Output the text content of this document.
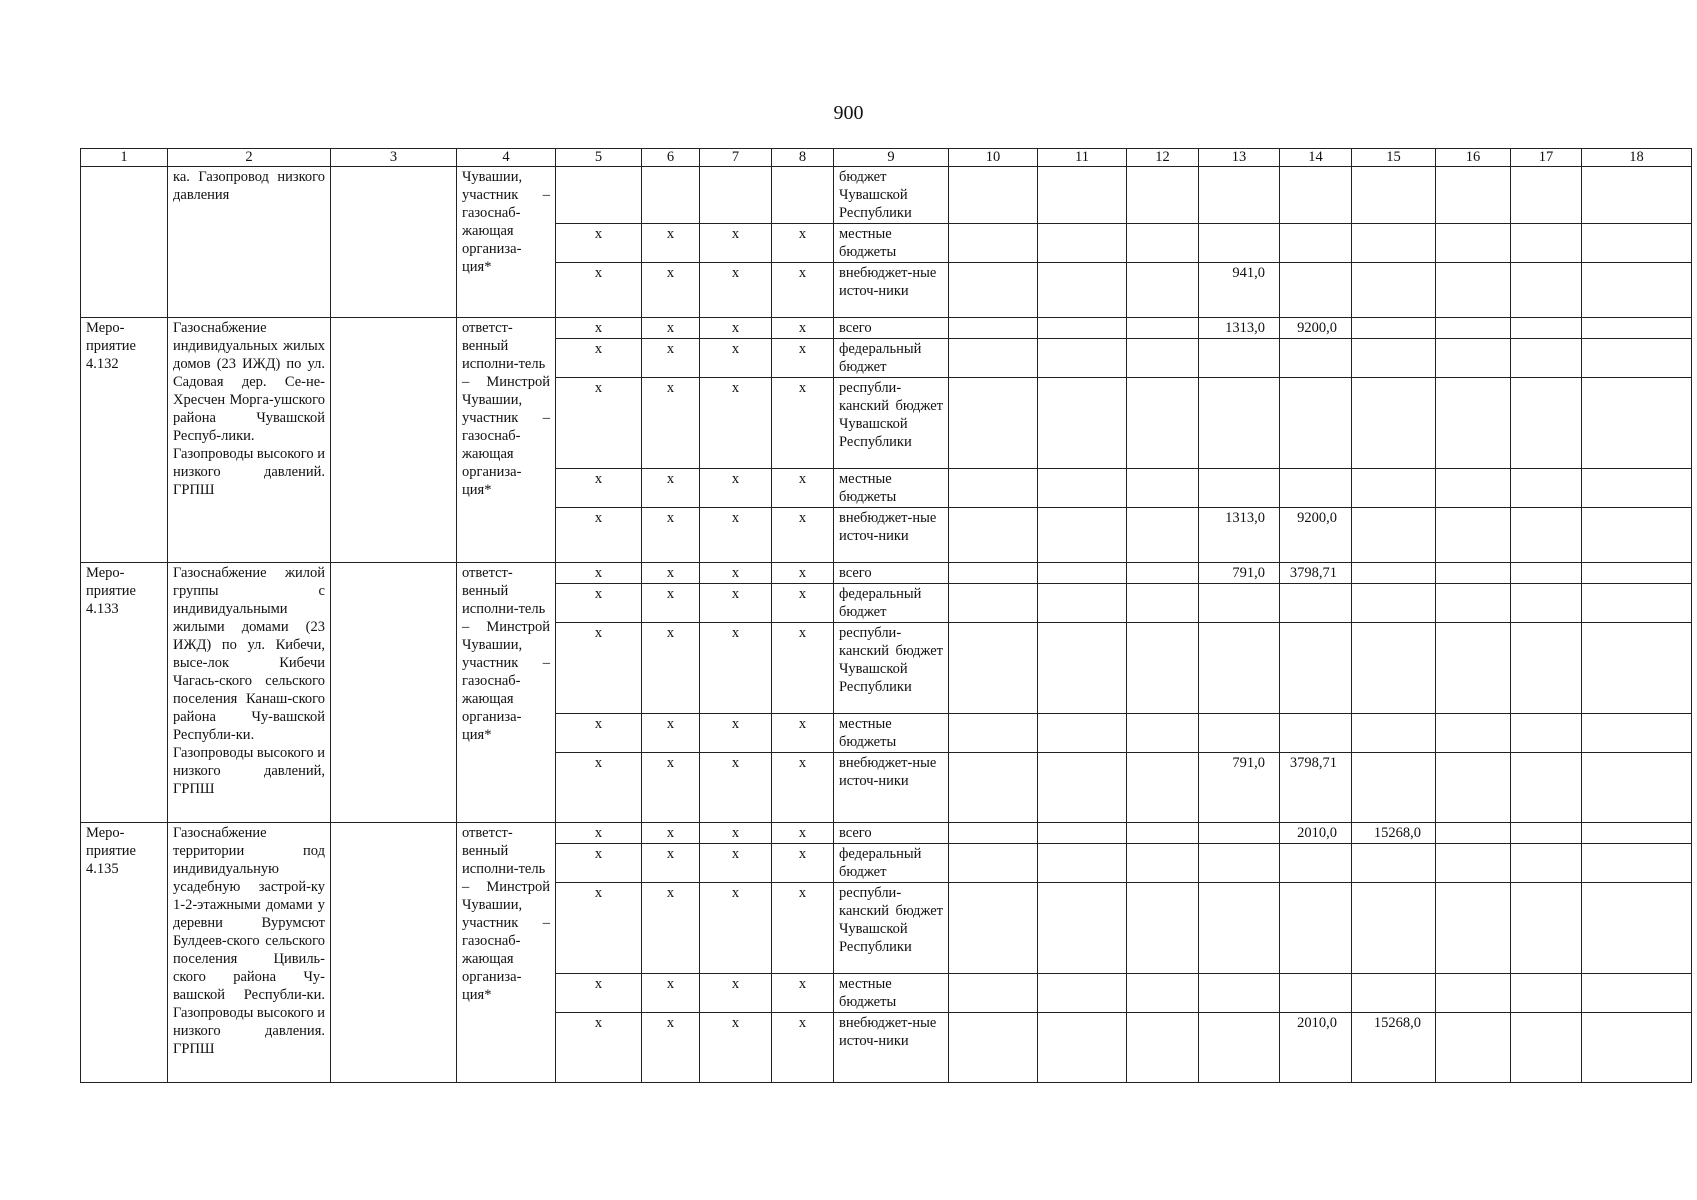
900
1	2	3	4	5	6	7	8	9	10	11	12	13	14	15	16	17	18
	ка. Газопровод низкого давления		Чувашии, участник – газоснаб-жающая организа-ция*					бюджет Чувашской Республики									
				х	х	х	х	местные бюджеты									
				х	х	х	х	внебюджет-ные источ-ники				941,0					
Меро-приятие 4.132	Газоснабжение индивидуальных жилых домов (23 ИЖД) по ул. Садовая дер. Се-не-Хресчен Морга-ушского района Чувашской Респуб-лики. Газопроводы высокого и низкого давлений. ГРПШ		ответст-венный исполни-тель – Минстрой Чувашии, участник – газоснаб-жающая организа-ция*	х	х	х	х	всего				1313,0	9200,0				
				х	х	х	х	федеральный бюджет									
				х	х	х	х	республи-канский бюджет Чувашской Республики									
				х	х	х	х	местные бюджеты									
				х	х	х	х	внебюджет-ные источ-ники				1313,0	9200,0				
Меро-приятие 4.133	Газоснабжение жилой группы с индивидуальными жилыми домами (23 ИЖД) по ул. Кибечи, высе-лок Кибечи Чагась-ского сельского поселения Канаш-ского района Чу-вашской Республи-ки. Газопроводы высокого и низкого давлений, ГРПШ		ответст-венный исполни-тель – Минстрой Чувашии, участник – газоснаб-жающая организа-ция*	х	х	х	х	всего				791,0	3798,71				
				х	х	х	х	федеральный бюджет									
				х	х	х	х	республи-канский бюджет Чувашской Республики									
				х	х	х	х	местные бюджеты									
				х	х	х	х	внебюджет-ные источ-ники				791,0	3798,71				
Меро-приятие 4.135	Газоснабжение территории под индивидуальную усадебную застрой-ку 1-2-этажными домами у деревни Вурумсют Булдеев-ского сельского поселения Цивиль-ского района Чу-вашской Республи-ки. Газопроводы высокого и низкого давления. ГРПШ		ответст-венный исполни-тель – Минстрой Чувашии, участник – газоснаб-жающая организа-ция*	х	х	х	х	всего					2010,0	15268,0			
				х	х	х	х	федеральный бюджет									
				х	х	х	х	республи-канский бюджет Чувашской Республики									
				х	х	х	х	местные бюджеты									
				х	х	х	х	внебюджет-ные источ-ники					2010,0	15268,0			
